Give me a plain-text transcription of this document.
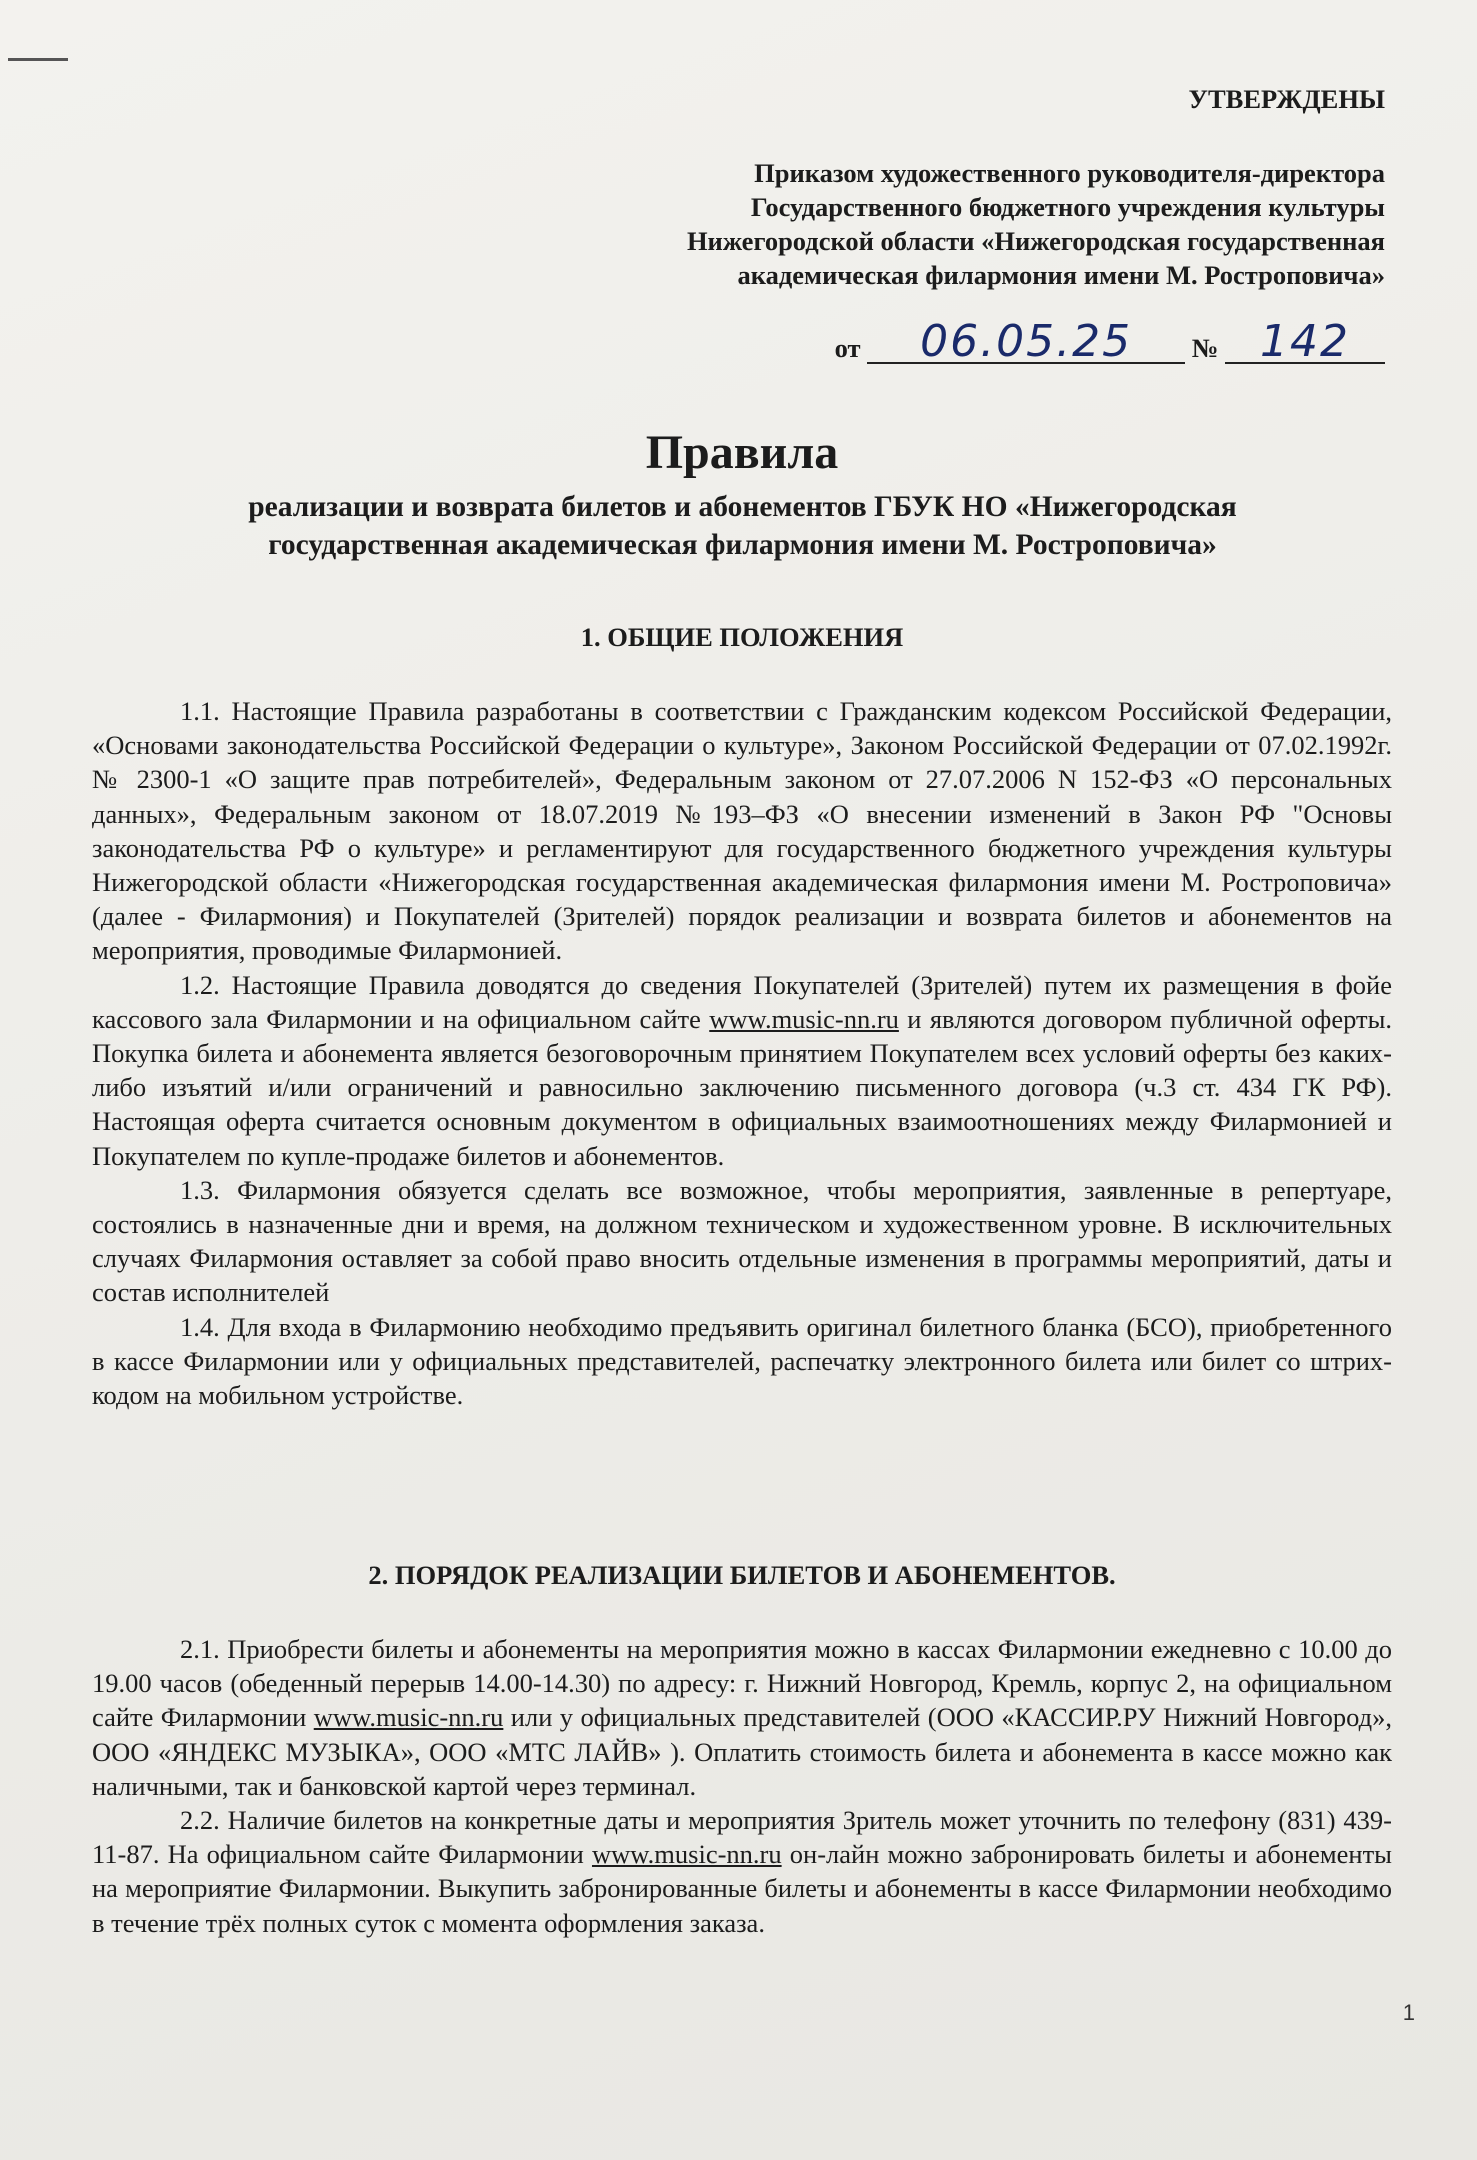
УТВЕРЖДЕНЫ
Приказом художественного руководителя-директора
Государственного бюджетного учреждения культуры
Нижегородской области «Нижегородская государственная
академическая филармония имени М. Ростроповича»
от 06.05.25 № 142
Правила
реализации и возврата билетов и абонементов ГБУК НО «Нижегородская
государственная академическая филармония имени М. Ростроповича»
1. ОБЩИЕ ПОЛОЖЕНИЯ

1.1. Настоящие Правила разработаны в соответствии с Гражданским кодексом Российской Федерации, «Основами законодательства Российской Федерации о культуре», Законом Российской Федерации от 07.02.1992г. № 2300-1 «О защите прав потребителей», Федеральным законом от 27.07.2006 N 152-ФЗ «О персональных данных», Федеральным законом от 18.07.2019 №193–ФЗ «О внесении изменений в Закон РФ "Основы законодательства РФ о культуре» и регламентируют для государственного бюджетного учреждения культуры Нижегородской области «Нижегородская государственная академическая филармония имени М. Ростроповича» (далее - Филармония) и Покупателей (Зрителей) порядок реализации и возврата билетов и абонементов на мероприятия, проводимые Филармонией.

1.2. Настоящие Правила доводятся до сведения Покупателей (Зрителей) путем их размещения в фойе кассового зала Филармонии и на официальном сайте www.music-nn.ru и являются договором публичной оферты. Покупка билета и абонемента является безоговорочным принятием Покупателем всех условий оферты без каких-либо изъятий и/или ограничений и равносильно заключению письменного договора (ч.3 ст. 434 ГК РФ). Настоящая оферта считается основным документом в официальных взаимоотношениях между Филармонией и Покупателем по купле-продаже билетов и абонементов.

1.3. Филармония обязуется сделать все возможное, чтобы мероприятия, заявленные в репертуаре, состоялись в назначенные дни и время, на должном техническом и художественном уровне. В исключительных случаях Филармония оставляет за собой право вносить отдельные изменения в программы мероприятий, даты и состав исполнителей

1.4. Для входа в Филармонию необходимо предъявить оригинал билетного бланка (БСО), приобретенного в кассе Филармонии или у официальных представителей, распечатку электронного билета или билет со штрих-кодом на мобильном устройстве.

2. ПОРЯДОК РЕАЛИЗАЦИИ БИЛЕТОВ И АБОНЕМЕНТОВ.

2.1. Приобрести билеты и абонементы на мероприятия можно в кассах Филармонии ежедневно с 10.00 до 19.00 часов (обеденный перерыв 14.00-14.30) по адресу: г. Нижний Новгород, Кремль, корпус 2, на официальном сайте Филармонии www.music-nn.ru или у официальных представителей (ООО «КАССИР.РУ Нижний Новгород», ООО «ЯНДЕКС МУЗЫКА», ООО «МТС ЛАЙВ» ). Оплатить стоимость билета и абонемента в кассе можно как наличными, так и банковской картой через терминал.

2.2. Наличие билетов на конкретные даты и мероприятия Зритель может уточнить по телефону (831) 439-11-87. На официальном сайте Филармонии www.music-nn.ru он-лайн можно забронировать билеты и абонементы на мероприятие Филармонии. Выкупить забронированные билеты и абонементы в кассе Филармонии необходимо в течение трёх полных суток с момента оформления заказа.

1
